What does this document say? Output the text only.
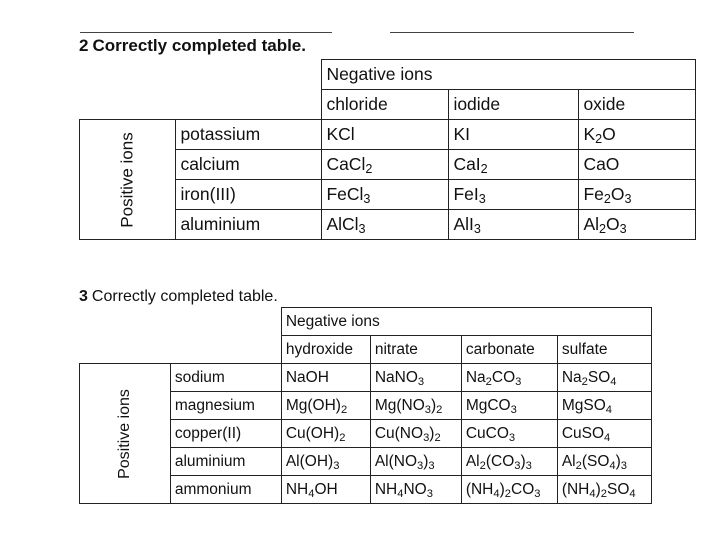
2 Correctly completed table.
		Negative ions		
		chloride	iodide	oxide
Positive ions	potassium	KCl	KI	$K_2O$
	calcium	CaCl$_2$	CaI$_2$	CaO
	iron(III)	FeCl$_3$	FeI$_3$	$Fe_2O_3$
	aluminium	AlCl$_3$	AlI$_3$	$Al_2O_3$
3 Correctly completed table.
		Negative ions			
		hydroxide	nitrate	carbonate	sulfate
Positive ions	sodium	NaOH	NaNO$_3$	$Na_2CO_3$	$Na_2SO_4$
	magnesium	$Mg(OH)_2$	$Mg(NO_3)_2$	MgCO$_3$	MgSO$_4$
	copper(II)	$Cu(OH)_2$	$Cu(NO_3)_2$	CuCO$_3$	CuSO$_4$
	aluminium	$Al(OH)_3$	$Al(NO_3)_3$	$Al_2(CO_3)_3$	$Al_2(SO_4)_3$
	ammonium	$NH_4OH$	$NH_4NO_3$	$(NH_4)_2CO_3$	$(NH_4)_2SO_4$
